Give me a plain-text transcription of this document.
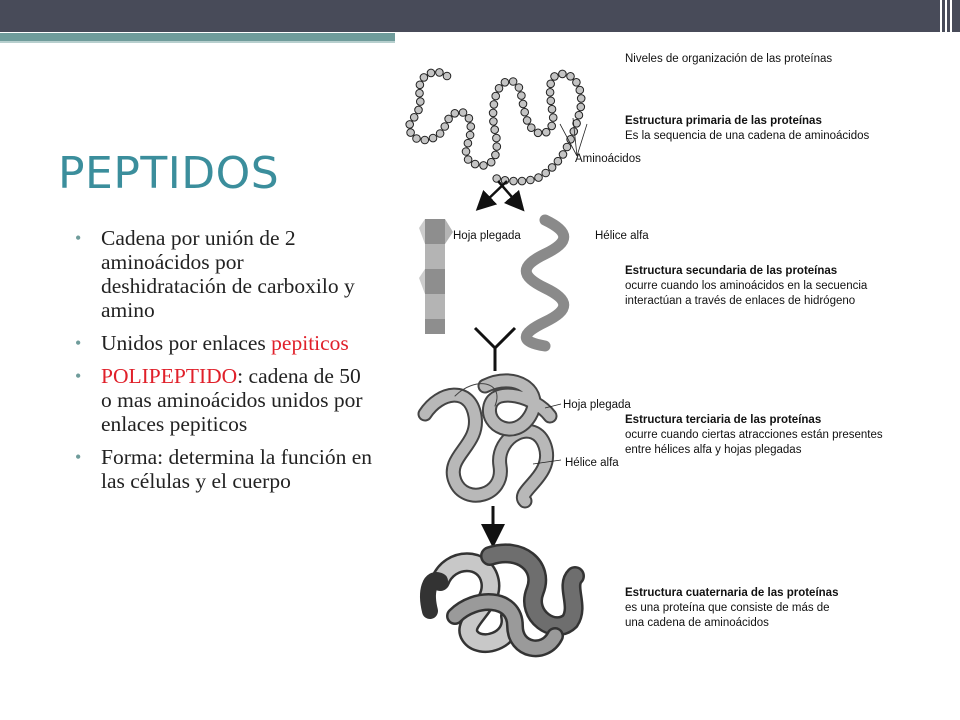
PEPTIDOS
• Cadena por unión de 2 aminoácidos por deshidratación de carboxilo y amino
• Unidos por enlaces pepiticos
• POLIPEPTIDO: cadena de 50 o mas aminoácidos unidos por enlaces pepiticos
• Forma: determina la función en las células y el cuerpo
Niveles de organización de las proteínas
Aminoácidos
Estructura primaria de las proteínas
Es la sequencia de una cadena de aminoácidos
Hoja plegada	Hélice alfa
Estructura secundaria de las proteínas
ocurre cuando los aminoácidos en la secuencia
interactúan a través de enlaces de hidrógeno
Hoja plegada
Hélice alfa
Estructura terciaria de las proteínas
ocurre cuando ciertas atracciones están presentes
entre hélices alfa y hojas plegadas
Estructura cuaternaria de las proteínas
es una proteína que consiste de más de
una cadena de aminoácidos
